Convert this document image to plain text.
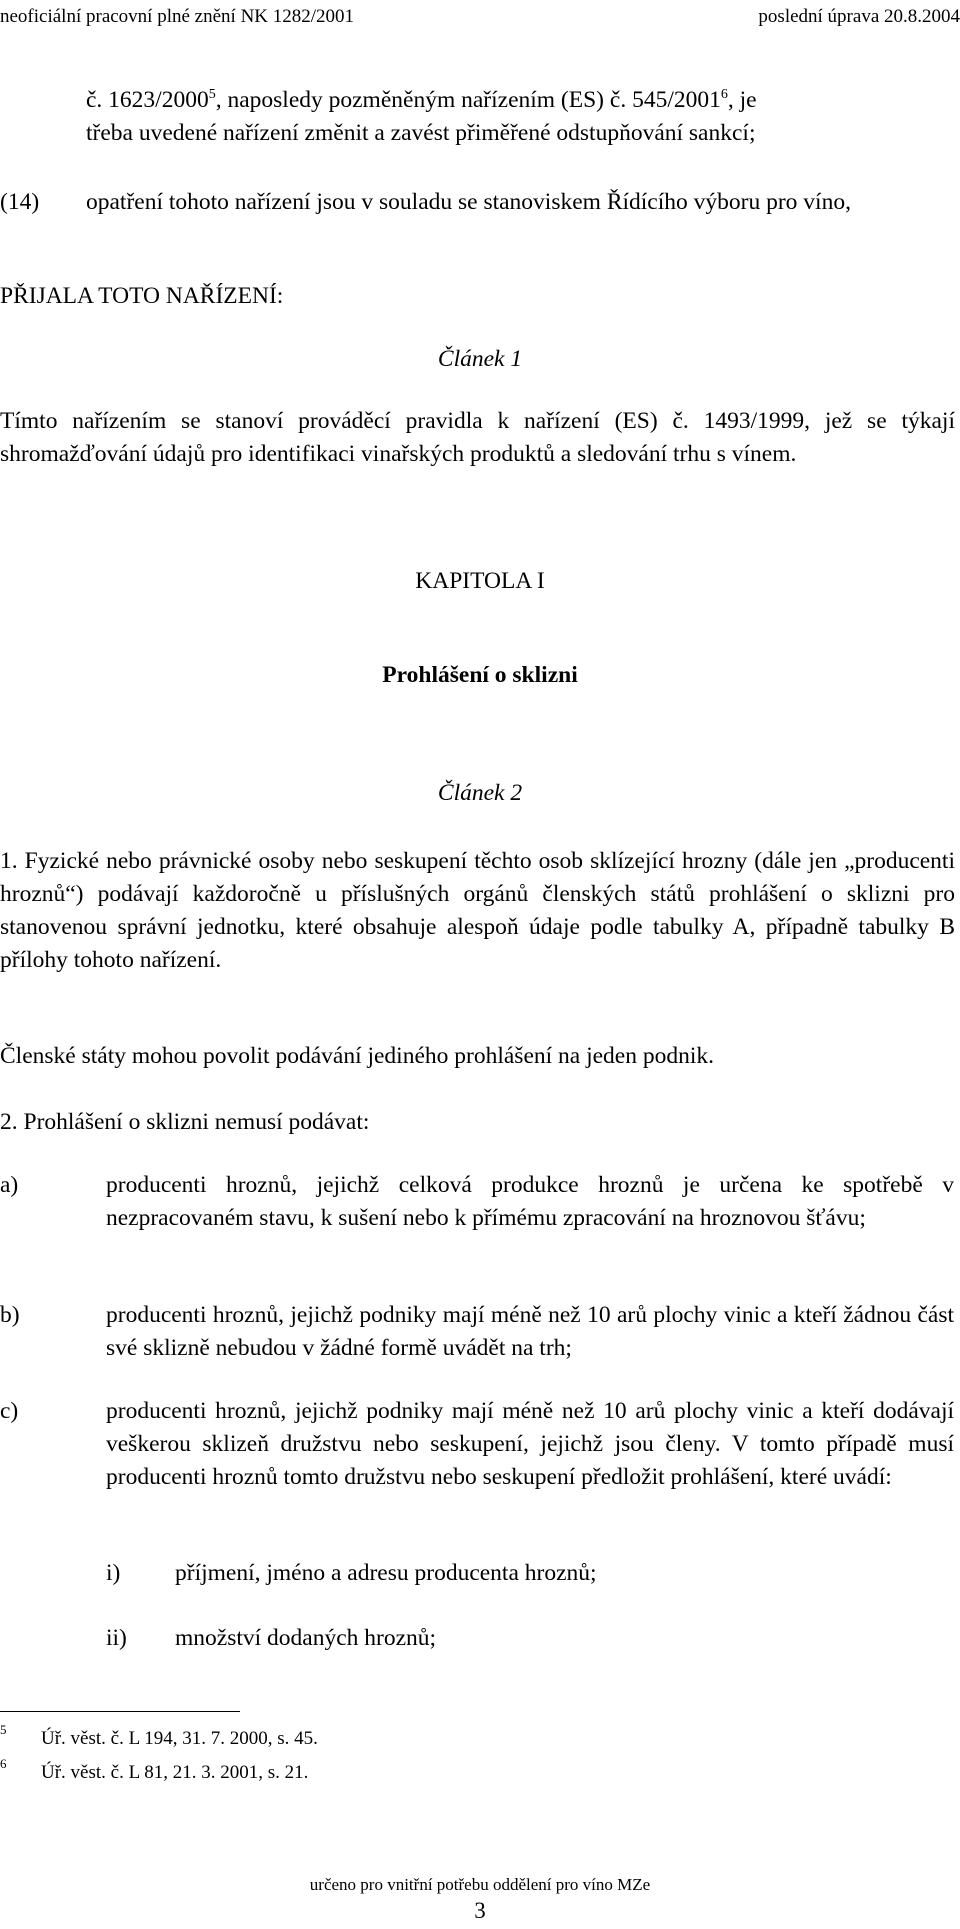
neoficiální pracovní plné znění NK 1282/2001	poslední úprava 20.8.2004
č. 1623/2000$^5$, naposledy pozměněným nařízením (ES) č. 545/2001$^6$, je
třeba uvedené nařízení změnit a zavést přiměřené odstupňování sankcí;
(14) opatření tohoto nařízení jsou v souladu se stanoviskem Řídícího výboru pro víno,
PŘIJALA TOTO NAŘÍZENÍ:
Článek 1
Tímto nařízením se stanoví prováděcí pravidla k nařízení (ES) č. 1493/1999, jež se týkají shromažďování údajů pro identifikaci vinařských produktů a sledování trhu s vínem.
KAPITOLA I
Prohlášení o sklizni
Článek 2
1. Fyzické nebo právnické osoby nebo seskupení těchto osob sklízející hrozny (dále jen „producenti hroznů“) podávají každoročně u příslušných orgánů členských států prohlášení o sklizni pro stanovenou správní jednotku, které obsahuje alespoň údaje podle tabulky A, případně tabulky B přílohy tohoto nařízení.
Členské státy mohou povolit podávání jediného prohlášení na jeden podnik.
2. Prohlášení o sklizni nemusí podávat:
a)	producenti hroznů, jejichž celková produkce hroznů je určena ke spotřebě v nezpracovaném stavu, k sušení nebo k přímému zpracování na hroznovou šťávu;
b)	producenti hroznů, jejichž podniky mají méně než 10 arů plochy vinic a kteří žádnou část své sklizně nebudou v žádné formě uvádět na trh;
c)	producenti hroznů, jejichž podniky mají méně než 10 arů plochy vinic a kteří dodávají veškerou sklizeň družstvu nebo seskupení, jejichž jsou členy. V tomto případě musí producenti hroznů tomto družstvu nebo seskupení předložit prohlášení, které uvádí:
i) příjmení, jméno a adresu producenta hroznů;
ii) množství dodaných hroznů;
5 Úř. věst. č. L 194, 31. 7. 2000, s. 45.
6 Úř. věst. č. L 81, 21. 3. 2001, s. 21.
určeno pro vnitřní potřebu oddělení pro víno MZe
3
